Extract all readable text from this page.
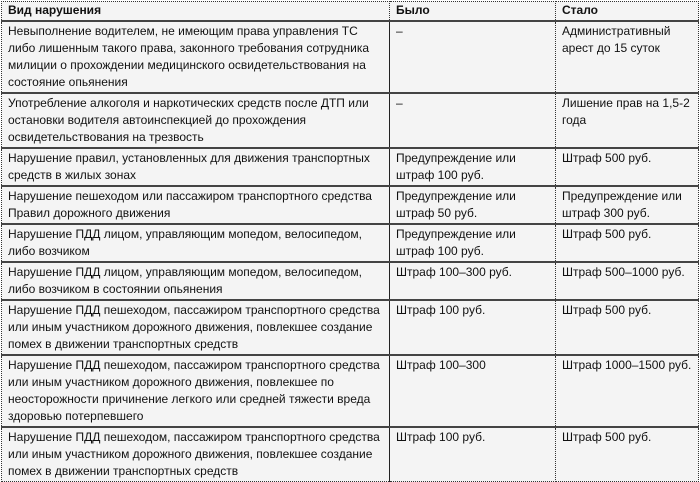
Вид нарушения	Было	Стало
Невыполнение водителем, не имеющим права управления ТС либо лишенным такого права, законного требования сотрудника милиции о прохождении медицинского освидетельствования на состояние опьянения	–	Административный арест до 15 суток
Употребление алкоголя и наркотических средств после ДТП или остановки водителя автоинспекцией до прохождения освидетельствования на трезвость	–	Лишение прав на 1,5-2 года
Нарушение правил, установленных для движения транспортных средств в жилых зонах	Предупреждение или штраф 100 руб.	Штраф 500 руб.
Нарушение пешеходом или пассажиром транспортного средства Правил дорожного движения	Предупреждение или штраф 50 руб.	Предупреждение или штраф 300 руб.
Нарушение ПДД лицом, управляющим мопедом, велосипедом, либо возчиком	Предупреждение или штраф 100 руб.	Штраф 500 руб.
Нарушение ПДД лицом, управляющим мопедом, велосипедом, либо возчиком в состоянии опьянения	Штраф 100–300 руб.	Штраф 500–1000 руб.
Нарушение ПДД пешеходом, пассажиром транспортного средства или иным участником дорожного движения, повлекшее создание помех в движении транспортных средств	Штраф 100 руб.	Штраф 500 руб.
Нарушение ПДД пешеходом, пассажиром транспортного средства или иным участником дорожного движения, повлекшее по неосторожности причинение легкого или средней тяжести вреда здоровью потерпевшего	Штраф 100–300	Штраф 1000–1500 руб.
Нарушение ПДД пешеходом, пассажиром транспортного средства или иным участником дорожного движения, повлекшее создание помех в движении транспортных средств	Штраф 100 руб.	Штраф 500 руб.
